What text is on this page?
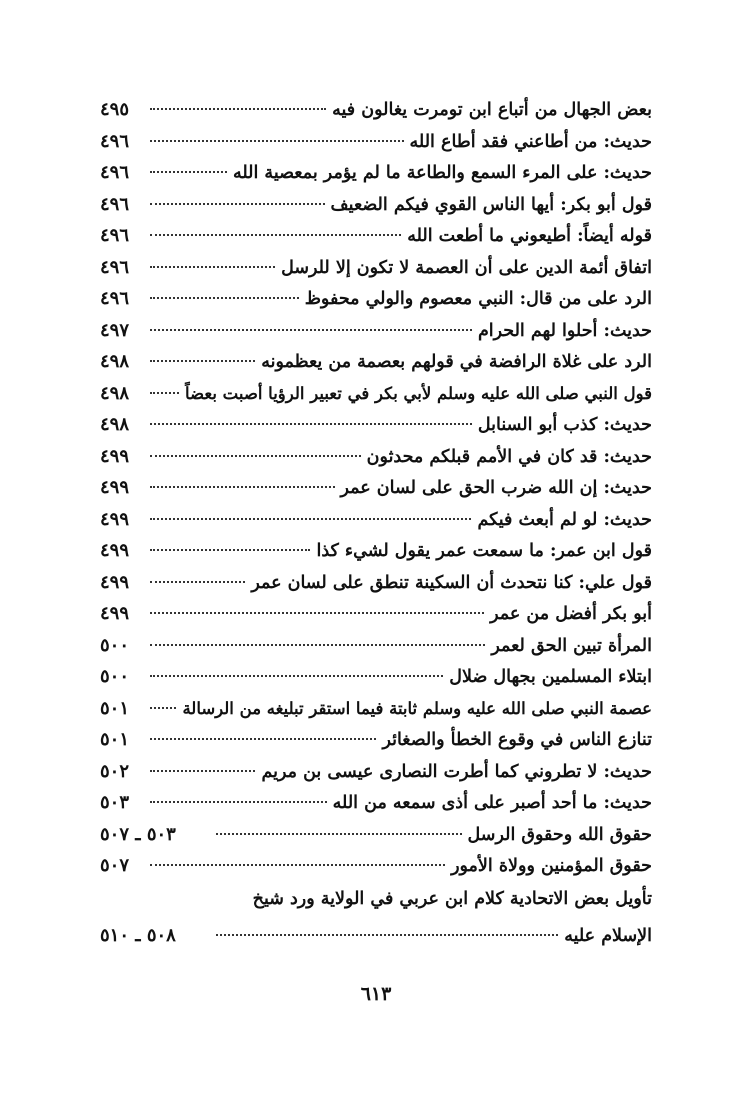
بعض الجهال من أتباع ابن تومرت يغالون فيه
٤٩٥
حديث: من أطاعني فقد أطاع الله
٤٩٦
حديث: على المرء السمع والطاعة ما لم يؤمر بمعصية الله
٤٩٦
قول أبو بكر: أيها الناس القوي فيكم الضعيف
٤٩٦
قوله أيضاً: أطيعوني ما أطعت الله
٤٩٦
اتفاق أئمة الدين على أن العصمة لا تكون إلا للرسل
٤٩٦
الرد على من قال: النبي معصوم والولي محفوظ
٤٩٦
حديث: أحلوا لهم الحرام
٤٩٧
الرد على غلاة الرافضة في قولهم بعصمة من يعظمونه
٤٩٨
قول النبي صلى الله عليه وسلم لأبي بكر في تعبير الرؤيا أصبت بعضاً
٤٩٨
حديث: كذب أبو السنابل
٤٩٨
حديث: قد كان في الأمم قبلكم محدثون
٤٩٩
حديث: إن الله ضرب الحق على لسان عمر
٤٩٩
حديث: لو لم أبعث فيكم
٤٩٩
قول ابن عمر: ما سمعت عمر يقول لشيء كذا
٤٩٩
قول علي: كنا نتحدث أن السكينة تنطق على لسان عمر
٤٩٩
أبو بكر أفضل من عمر
٤٩٩
المرأة تبين الحق لعمر
٥٠٠
ابتلاء المسلمين بجهال ضلال
٥٠٠
عصمة النبي صلى الله عليه وسلم ثابتة فيما استقر تبليغه من الرسالة
٥٠١
تنازع الناس في وقوع الخطأ والصغائر
٥٠١
حديث: لا تطروني كما أطرت النصارى عيسى بن مريم
٥٠٢
حديث: ما أحد أصبر على أذى سمعه من الله
٥٠٣
حقوق الله وحقوق الرسل
٥٠٣ ـ ٥٠٧
حقوق المؤمنين وولاة الأمور
٥٠٧
تأويل بعض الاتحادية كلام ابن عربي في الولاية ورد شيخ
الإسلام عليه
٥٠٨ ـ ٥١٠
٦١٣
